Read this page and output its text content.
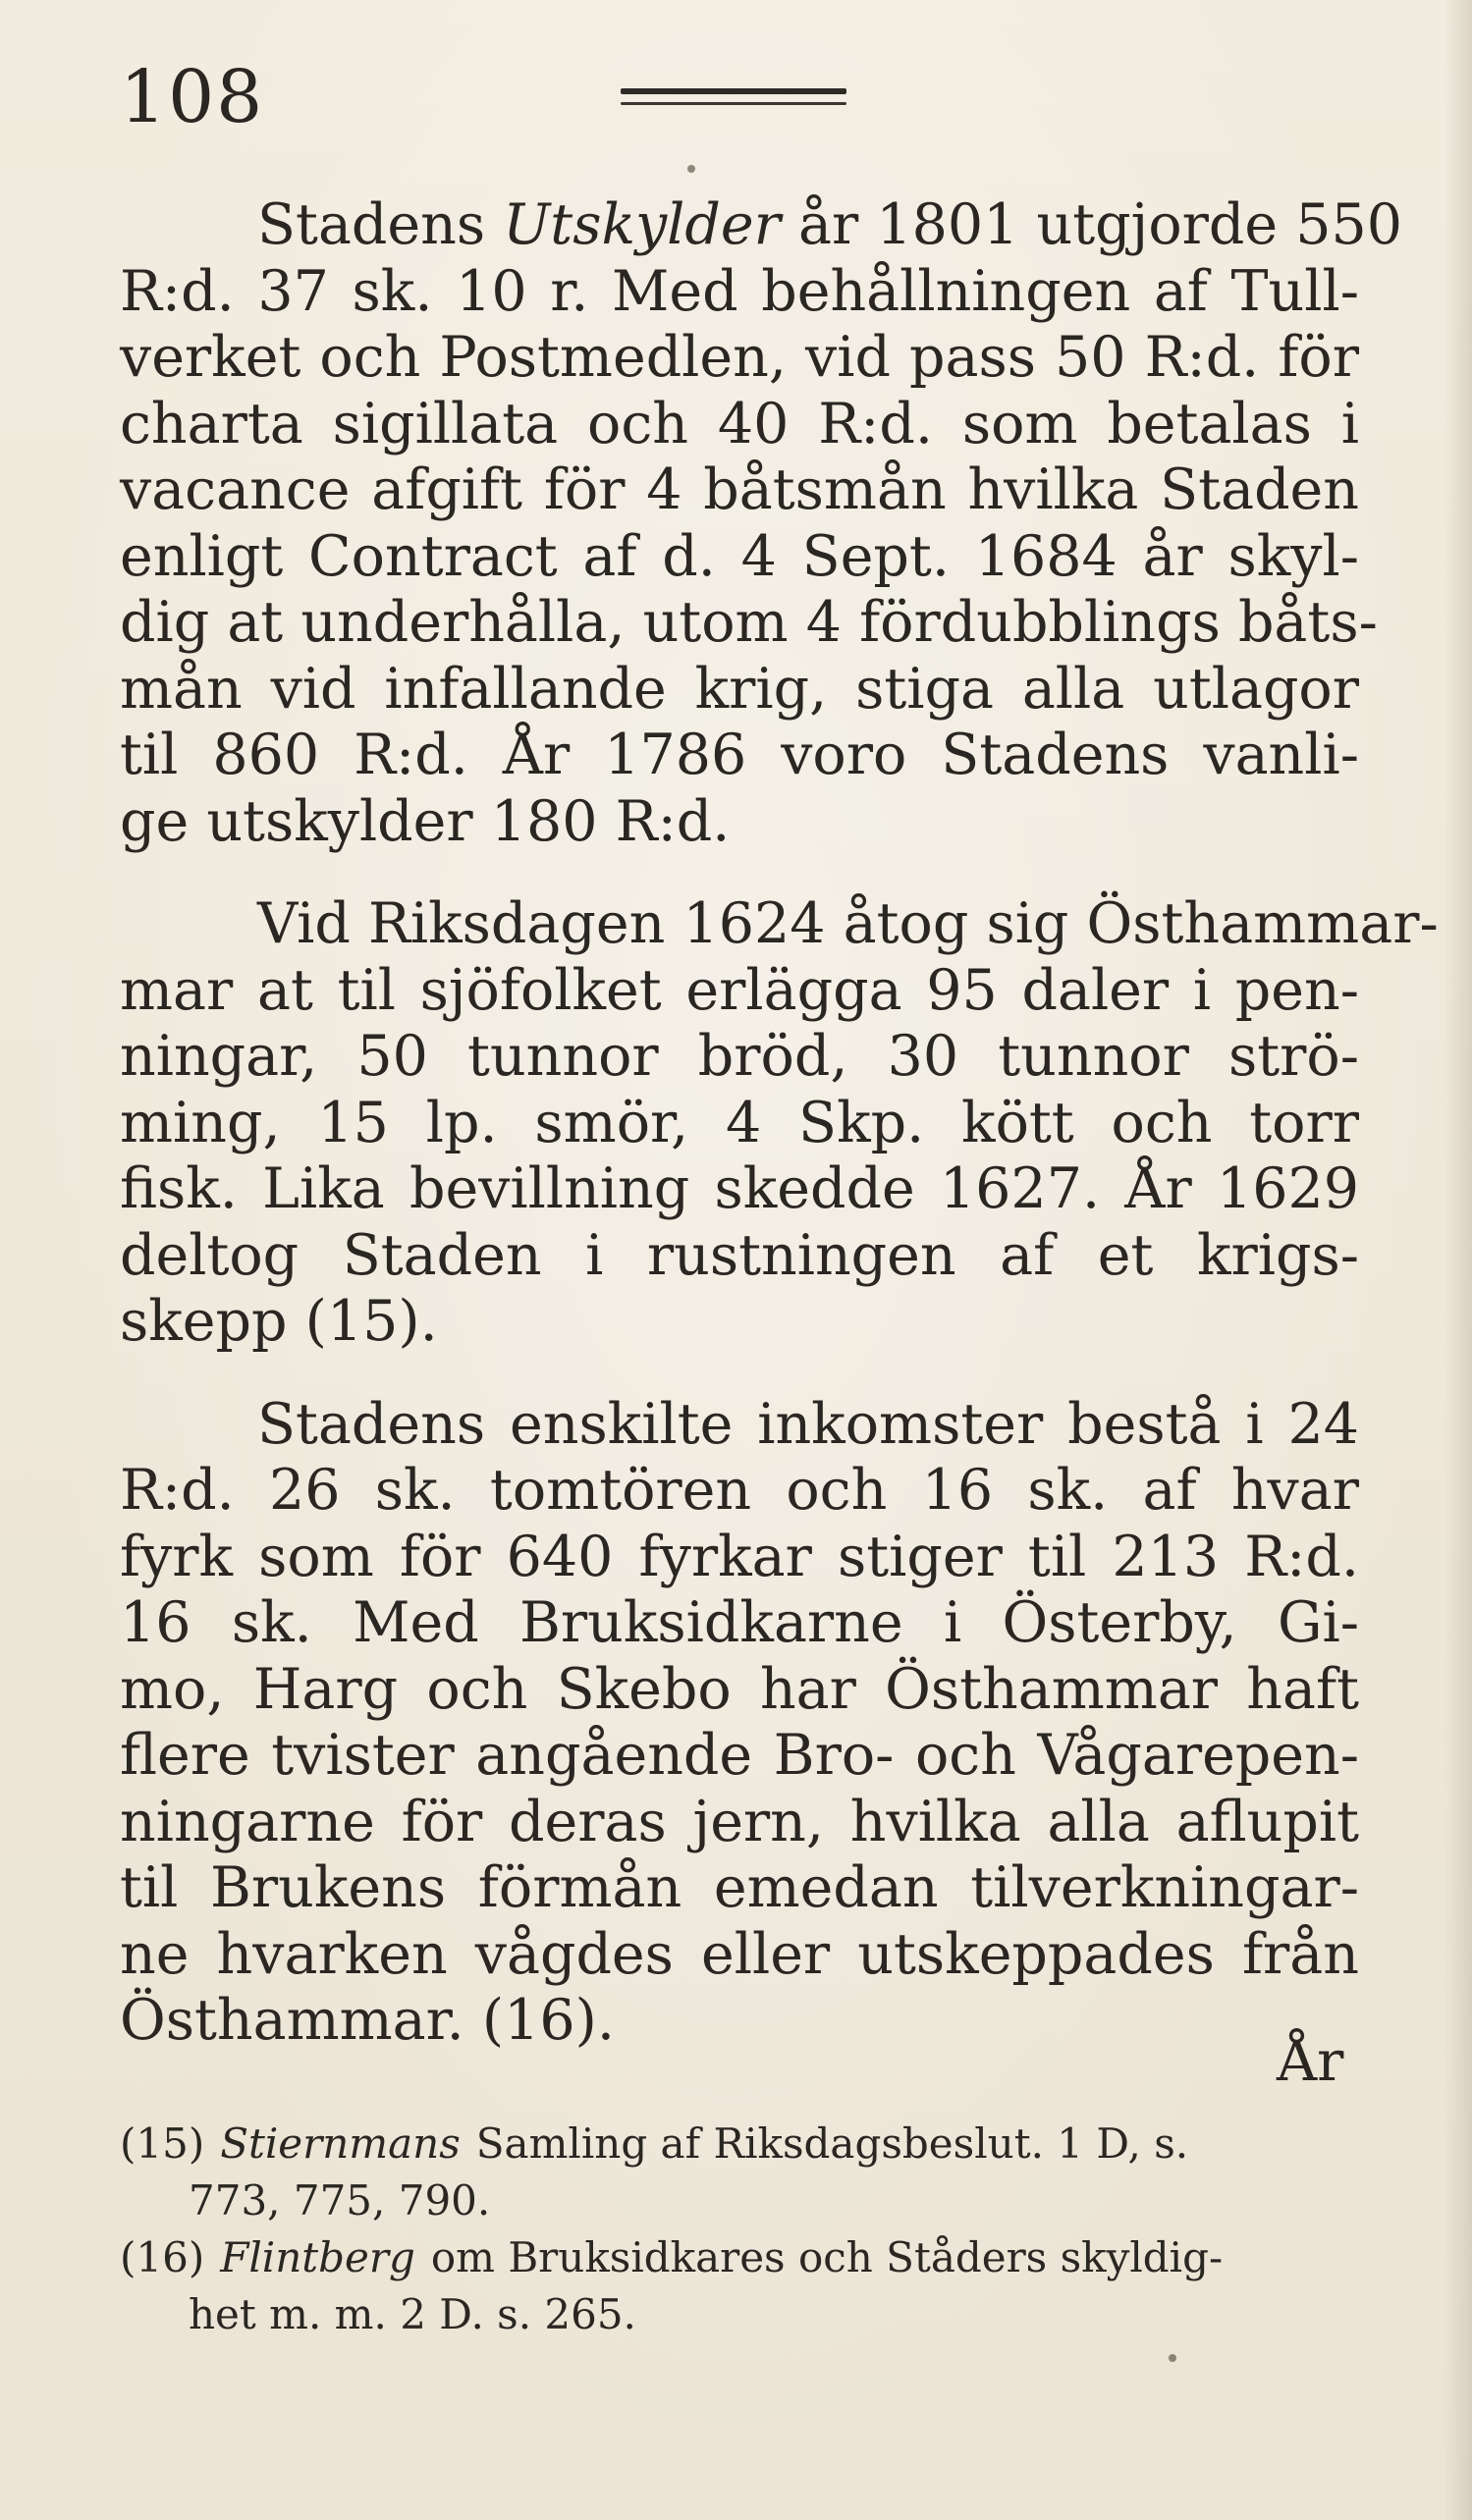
108
Stadens Utskylder år 1801 utgjorde 550
R:d. 37 sk. 10 r. Med behållningen af Tull-
verket och Postmedlen, vid pass 50 R:d. för
charta sigillata och 40 R:d. som betalas i
vacance afgift för 4 båtsmån hvilka Staden
enligt Contract af d. 4 Sept. 1684 år skyl-
dig at underhålla, utom 4 fördubblings båts-
mån vid infallande krig, stiga alla utlagor
til 860 R:d. År 1786 voro Stadens vanli-
ge utskylder 180 R:d.
Vid Riksdagen 1624 åtog sig Östhammar-
mar at til sjöfolket erlägga 95 daler i pen-
ningar, 50 tunnor bröd, 30 tunnor strö-
ming, 15 lp. smör, 4 Skp. kött och torr
fisk. Lika bevillning skedde 1627. År 1629
deltog Staden i rustningen af et krigs-
skepp (15).
Stadens enskilte inkomster bestå i 24
R:d. 26 sk. tomtören och 16 sk. af hvar
fyrk som för 640 fyrkar stiger til 213 R:d.
16 sk. Med Bruksidkarne i Österby, Gi-
mo, Harg och Skebo har Östhammar haft
flere tvister angående Bro- och Vågarepen-
ningarne för deras jern, hvilka alla aflupit
til Brukens förmån emedan tilverkningar-
ne hvarken vågdes eller utskeppades från
Östhammar. (16).
År
(15) Stiernmans Samling af Riksdagsbeslut. 1 D, s.
773, 775, 790.
(16) Flintberg om Bruksidkares och Ståders skyldig-
het m. m. 2 D. s. 265.
